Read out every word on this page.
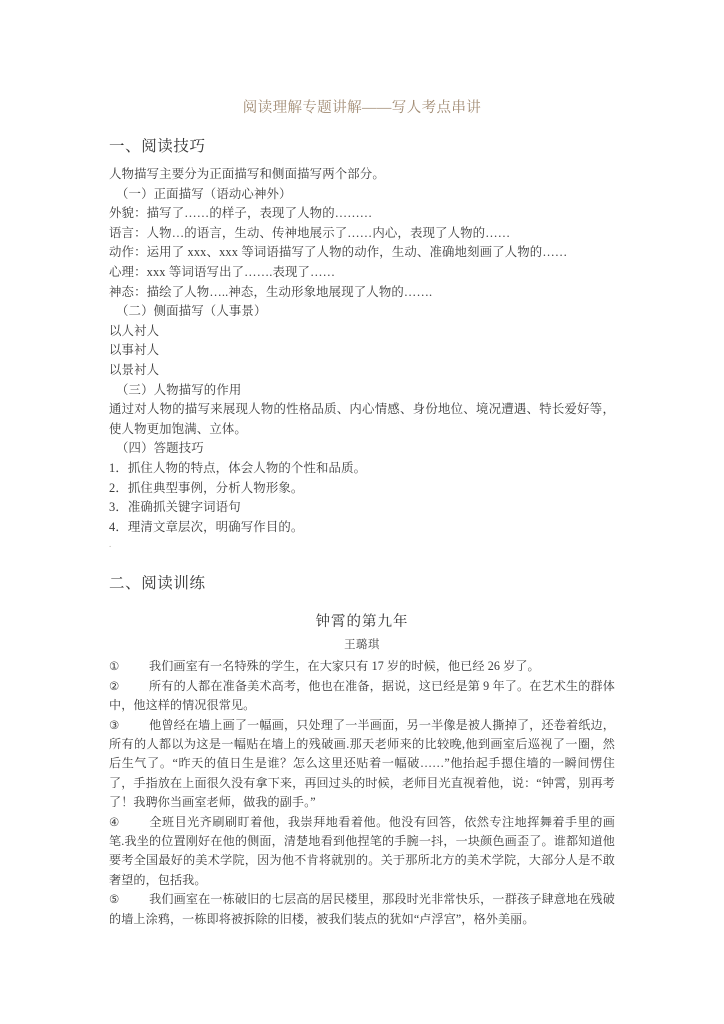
阅读理解专题讲解——写人考点串讲
一、阅读技巧
人物描写主要分为正面描写和侧面描写两个部分。
（一）正面描写（语动心神外）
外貌：描写了……的样子，表现了人物的………
语言：人物…的语言，生动、传神地展示了……内心，表现了人物的……
动作：运用了 xxx、xxx 等词语描写了人物的动作，生动、准确地刻画了人物的……
心理：xxx 等词语写出了…….表现了……
神态：描绘了人物…..神态，生动形象地展现了人物的…….
（二）侧面描写（人事景）
以人衬人
以事衬人
以景衬人
（三）人物描写的作用
通过对人物的描写来展现人物的性格品质、内心情感、身份地位、境况遭遇、特长爱好等，使人物更加饱满、立体。
（四）答题技巧
1．抓住人物的特点，体会人物的个性和品质。
2．抓住典型事例，分析人物形象。
3．准确抓关键字词语句
4．理清文章层次，明确写作目的。
.
二、阅读训练
钟霄的第九年
王璐琪
① 我们画室有一名特殊的学生，在大家只有 17 岁的时候，他已经 26 岁了。
② 所有的人都在准备美术高考，他也在准备，据说，这已经是第 9 年了。在艺术生的群体中，他这样的情况很常见。
③ 他曾经在墙上画了一幅画，只处理了一半画面，另一半像是被人撕掉了，还卷着纸边，所有的人都以为这是一幅贴在墙上的残破画.那天老师来的比较晚,他到画室后巡视了一圈，然后生气了。“昨天的值日生是谁？怎么这里还贴着一幅破……”他抬起手摁住墙的一瞬间愣住了，手指放在上面很久没有拿下来，再回过头的时候，老师目光直视着他，说：“钟霄，别再考了！我聘你当画室老师，做我的副手。”
④ 全班目光齐刷刷盯着他，我崇拜地看着他。他没有回答，依然专注地挥舞着手里的画笔.我坐的位置刚好在他的侧面，清楚地看到他捏笔的手腕一抖，一块颜色画歪了。谁都知道他要考全国最好的美术学院，因为他不肯将就别的。关于那所北方的美术学院，大部分人是不敢奢望的，包括我。
⑤ 我们画室在一栋破旧的七层高的居民楼里，那段时光非常快乐，一群孩子肆意地在残破的墙上涂鸦，一栋即将被拆除的旧楼，被我们装点的犹如“卢浮宫”，格外美丽。
